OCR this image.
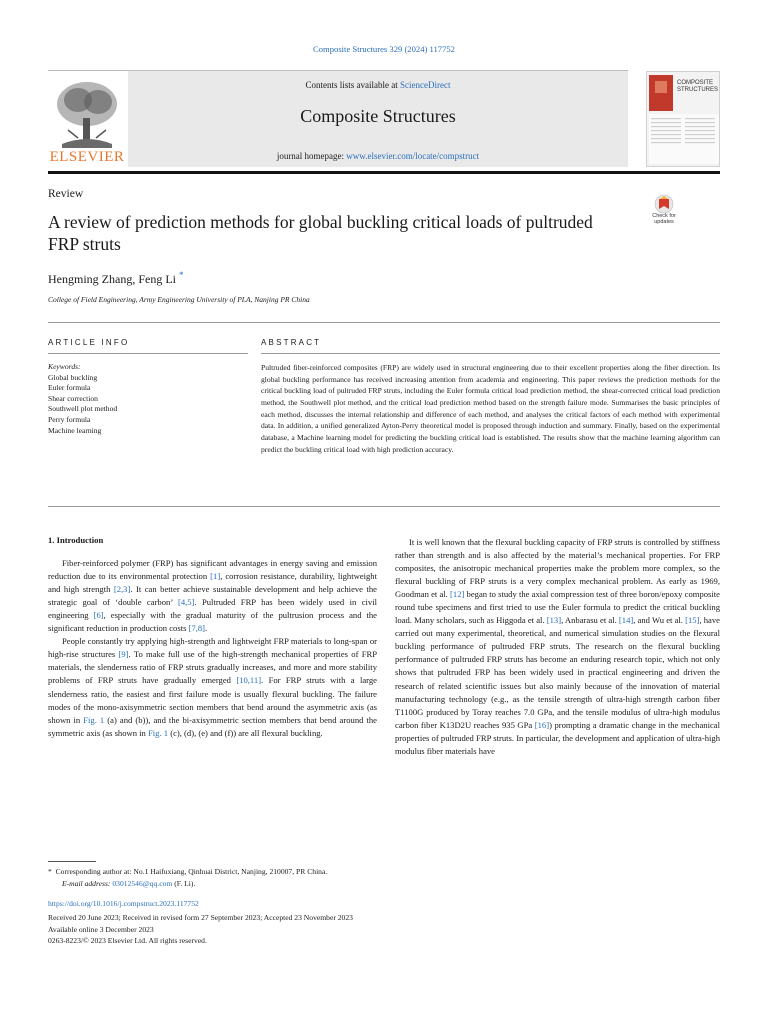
Composite Structures 329 (2024) 117752
Contents lists available at ScienceDirect
Composite Structures
journal homepage: www.elsevier.com/locate/compstruct
ELSEVIER
COMPOSITE STRUCTURES
Review
A review of prediction methods for global buckling critical loads of pultruded FRP struts
Check for updates
Hengming Zhang, Feng Li *
College of Field Engineering, Army Engineering University of PLA, Nanjing PR China
ARTICLE INFO	ABSTRACT
Keywords:
Global buckling
Euler formula
Shear correction
Southwell plot method
Perry formula
Machine learning
Pultruded fiber-reinforced composites (FRP) are widely used in structural engineering due to their excellent properties along the fiber direction. Its global buckling performance has received increasing attention from academia and engineering. This paper reviews the prediction methods for the critical buckling load of pultruded FRP struts, including the Euler formula critical load prediction method, the shear-corrected critical load prediction method, the Southwell plot method, and the critical load prediction method based on the strength failure mode. Summarises the basic principles of each method, discusses the internal relationship and difference of each method, and analyses the critical factors of each method with experimental data. In addition, a unified generalized Ayton-Perry theoretical model is proposed through induction and summary. Finally, based on the experimental database, a Machine learning model for predicting the buckling critical load is established. The results show that the machine learning algorithm can predict the buckling critical load with high prediction accuracy.
1. Introduction

Fiber-reinforced polymer (FRP) has significant advantages in energy saving and emission reduction due to its environmental protection [1], corrosion resistance, durability, lightweight and high strength [2,3]. It can better achieve sustainable development and help achieve the strategic goal of ‘double carbon’ [4,5]. Pultruded FRP has been widely used in civil engineering [6], especially with the gradual maturity of the pultrusion process and the significant reduction in production costs [7,8].

People constantly try applying high-strength and lightweight FRP materials to long-span or high-rise structures [9]. To make full use of the high-strength mechanical properties of FRP materials, the slenderness ratio of FRP struts gradually increases, and more and more stability problems of FRP struts have gradually emerged [10,11]. For FRP struts with a large slenderness ratio, the easiest and first failure mode is usually flexural buckling. The failure modes of the mono-axisymmetric section members that bend around the asymmetric axis (as shown in Fig. 1 (a) and (b)), and the bi-axisymmetric section members that bend around the symmetric axis (as shown in Fig. 1 (c), (d), (e) and (f)) are all flexural buckling.

It is well known that the flexural buckling capacity of FRP struts is controlled by stiffness rather than strength and is also affected by the material’s mechanical properties. For FRP composites, the anisotropic mechanical properties make the problem more complex, so the flexural buckling of FRP struts is a very complex mechanical problem. As early as 1969, Goodman et al. [12] began to study the axial compression test of three boron/epoxy composite round tube specimens and first tried to use the Euler formula to predict the critical buckling load. Many scholars, such as Higgoda et al. [13], Anbarasu et al. [14], and Wu et al. [15], have carried out many experimental, theoretical, and numerical simulation studies on the flexural buckling performance of pultruded FRP struts. The research on the flexural buckling performance of pultruded FRP struts has become an enduring research topic, which not only shows that pultruded FRP has been widely used in practical engineering and driven the research of related scientific issues but also mainly because of the innovation of material manufacturing technology (e.g., as the tensile strength of ultra-high strength carbon fiber T1100G produced by Toray reaches 7.0 GPa, and the tensile modulus of ultra-high modulus carbon fiber K13D2U reaches 935 GPa [16]) prompting a dramatic change in the mechanical properties of pultruded FRP struts. In particular, the development and application of ultra-high modulus fiber materials have

* Corresponding author at: No.1 Haifuxiang, Qinhuai District, Nanjing, 210007, PR China.
E-mail address: 03012546@qq.com (F. Li).
https://doi.org/10.1016/j.compstruct.2023.117752
Received 20 June 2023; Received in revised form 27 September 2023; Accepted 23 November 2023
Available online 3 December 2023
0263-8223/© 2023 Elsevier Ltd. All rights reserved.
